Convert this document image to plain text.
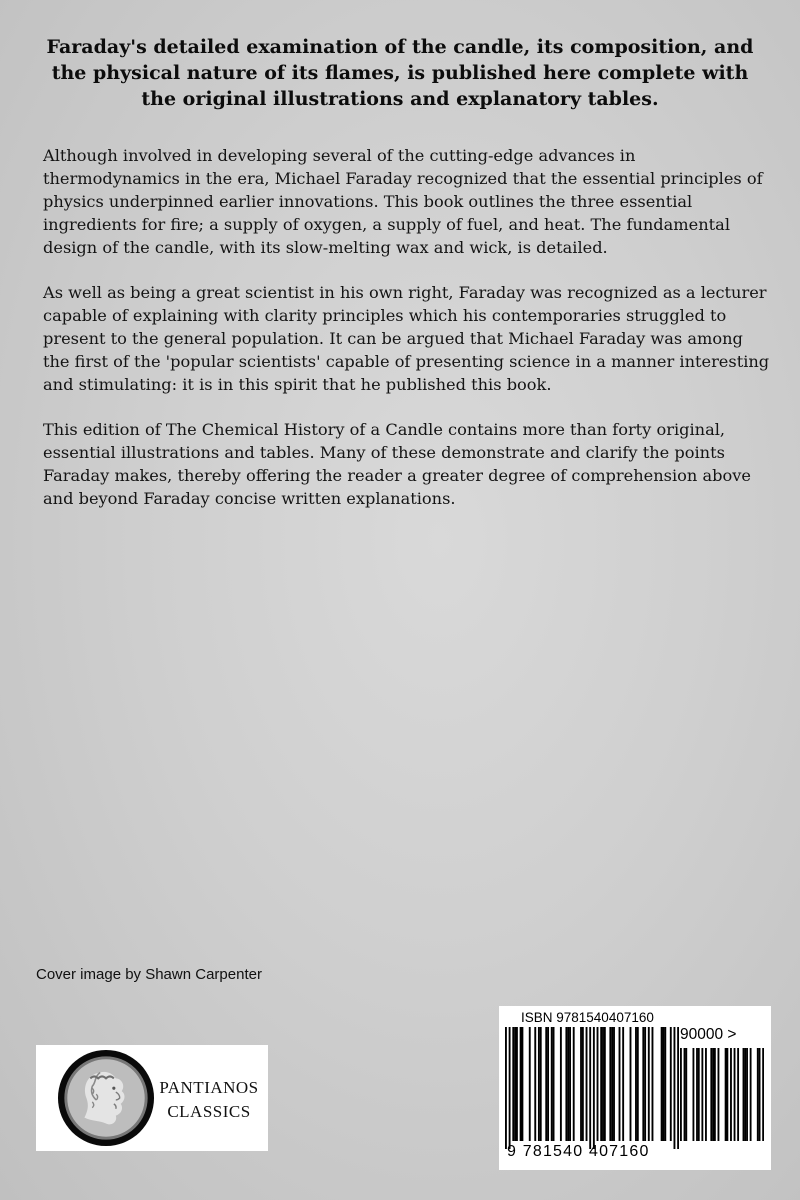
Faraday's detailed examination of the candle, its composition, and the physical nature of its flames, is published here complete with the original illustrations and explanatory tables.

Although involved in developing several of the cutting-edge advances in thermodynamics in the era, Michael Faraday recognized that the essential principles of physics underpinned earlier innovations. This book outlines the three essential ingredients for fire; a supply of oxygen, a supply of fuel, and heat. The fundamental design of the candle, with its slow-melting wax and wick, is detailed.

As well as being a great scientist in his own right, Faraday was recognized as a lecturer capable of explaining with clarity principles which his contemporaries struggled to present to the general population. It can be argued that Michael Faraday was among the first of the 'popular scientists' capable of presenting science in a manner interesting and stimulating: it is in this spirit that he published this book.

This edition of The Chemical History of a Candle contains more than forty original, essential illustrations and tables. Many of these demonstrate and clarify the points Faraday makes, thereby offering the reader a greater degree of comprehension above and beyond Faraday concise written explanations.

Cover image by Shawn Carpenter

PANTIANOS
CLASSICS

ISBN 9781540407160

90000 >

9 781540 407160
